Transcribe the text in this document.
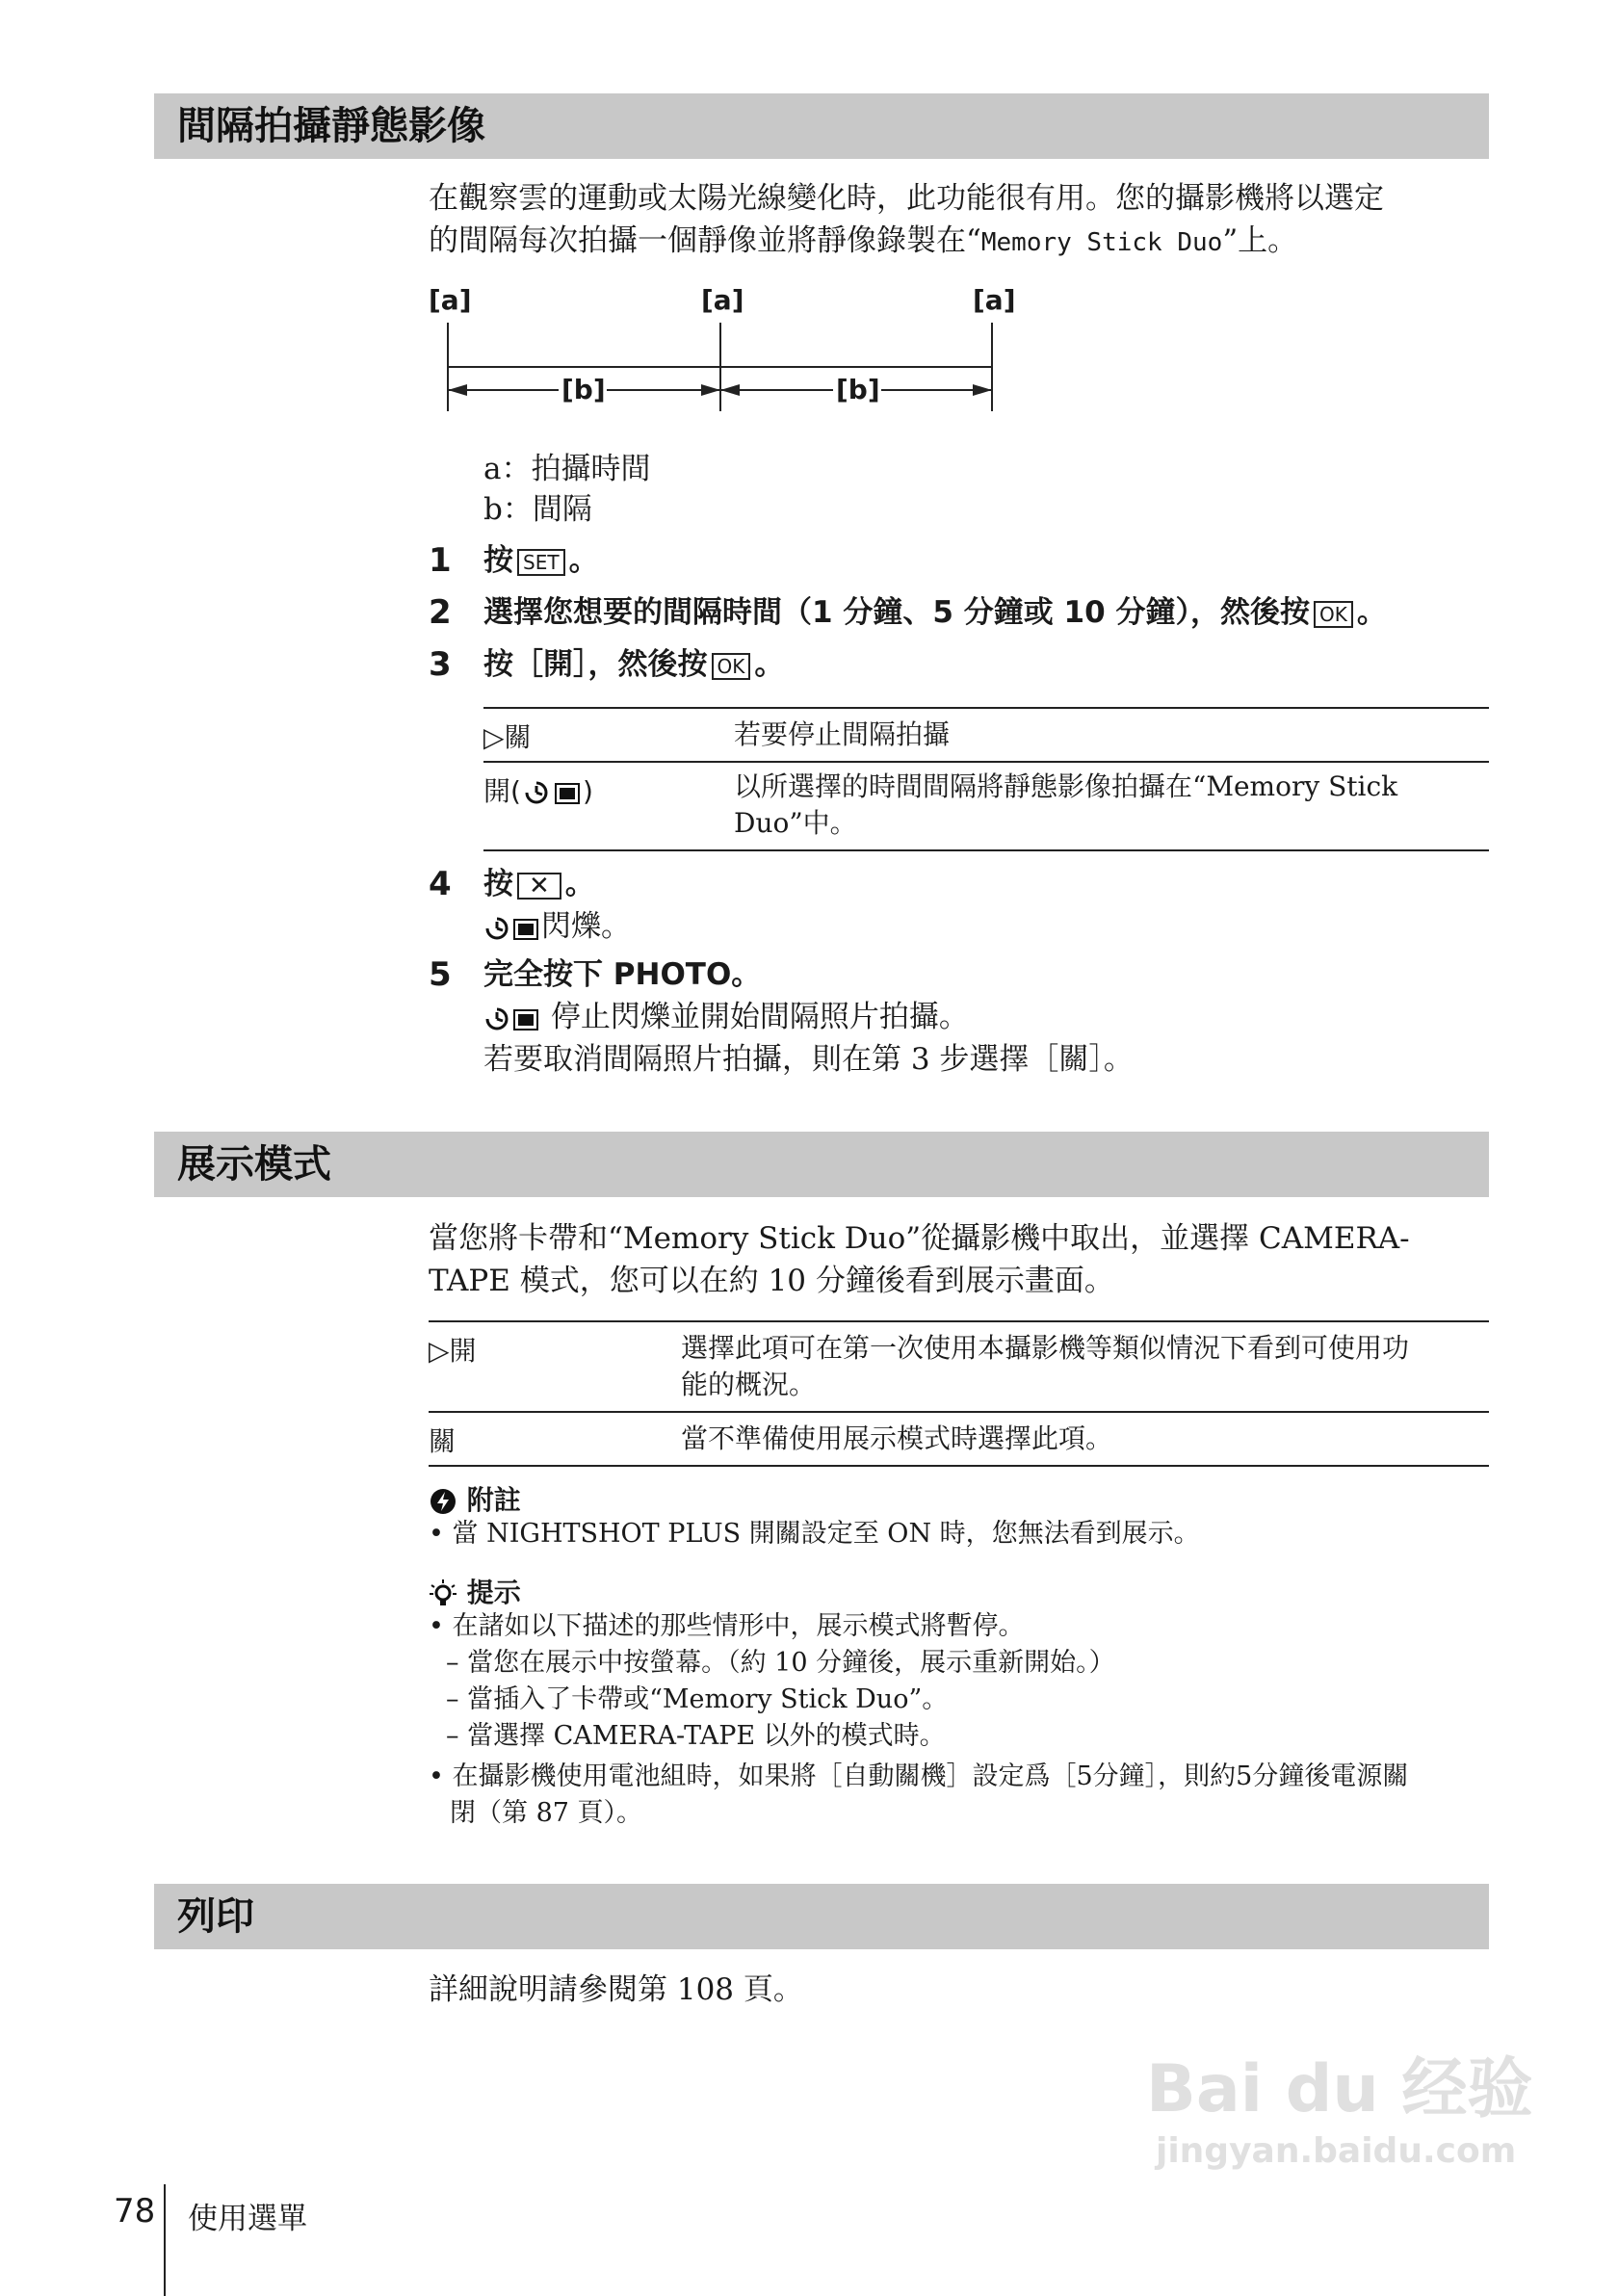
間隔拍攝靜態影像
在觀察雲的運動或太陽光線變化時，此功能很有用。您的攝影機將以選定
的間隔每次拍攝一個靜像並將靜像錄製在“Memory Stick Duo”上。
[a]	[a]	[a]
[b]	[b]
a：拍攝時間
b：間隔
1 按 SET 。
2 選擇您想要的間隔時間（1 分鐘、5 分鐘或 10 分鐘），然後按 OK 。
3 按［開］，然後按 OK 。
▷關	若要停止間隔拍攝
開( )	以所選擇的時間間隔將靜態影像拍攝在“Memory Stick
Duo”中。
4 按 ✕ 。
閃爍。
5 完全按下 PHOTO。
停止閃爍並開始間隔照片拍攝。
若要取消間隔照片拍攝，則在第 3 步選擇［關］。
展示模式
當您將卡帶和“Memory Stick Duo”從攝影機中取出，並選擇 CAMERA-
TAPE 模式，您可以在約 10 分鐘後看到展示畫面。
▷開	選擇此項可在第一次使用本攝影機等類似情況下看到可使用功
能的概況。
關	當不準備使用展示模式時選擇此項。
附註
• 當 NIGHTSHOT PLUS 開關設定至 ON 時，您無法看到展示。
提示
• 在諸如以下描述的那些情形中，展示模式將暫停。
– 當您在展示中按螢幕。（約 10 分鐘後，展示重新開始。）
– 當插入了卡帶或“Memory Stick Duo”。
– 當選擇 CAMERA-TAPE 以外的模式時。
• 在攝影機使用電池組時，如果將［自動關機］設定爲［5分鐘］，則約5分鐘後電源關
閉（第 87 頁）。
列印
詳細說明請參閱第 108 頁。
Bai du 经验
jingyan.baidu.com
78 使用選單
